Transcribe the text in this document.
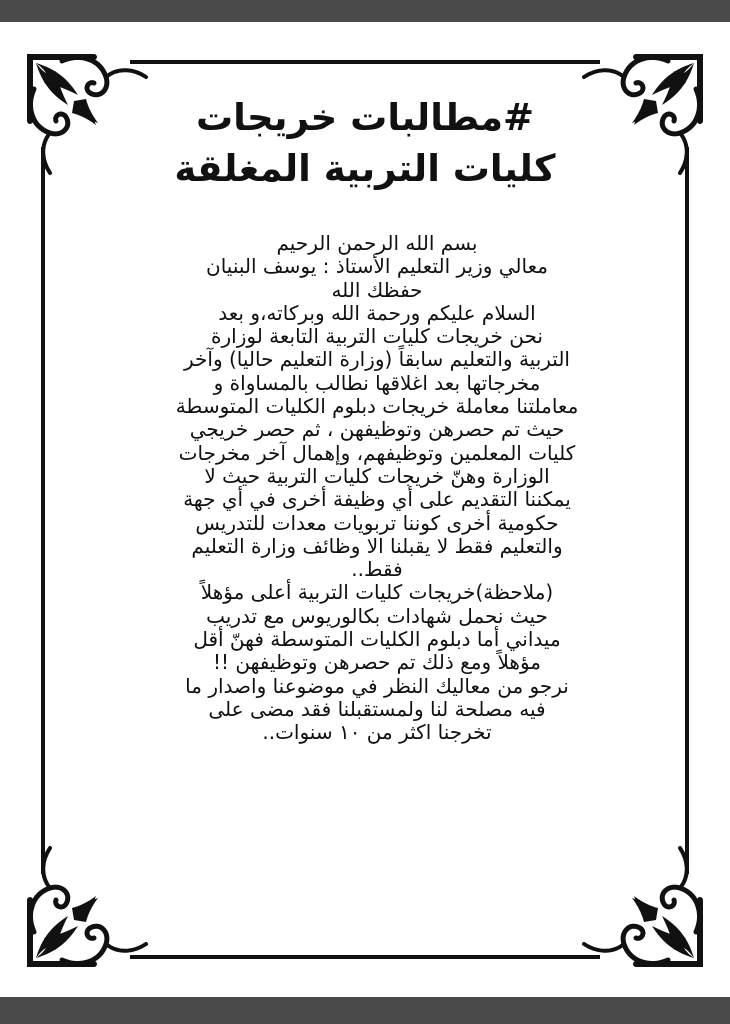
#مطالبات خريجات
كليات التربية المغلقة
بسم الله الرحمن الرحيم
معالي وزير التعليم الأستاذ : يوسف البنيان
حفظك الله
السلام عليكم ورحمة الله وبركاته،و بعد
نحن خريجات كليات التربية التابعة لوزارة
التربية والتعليم سابقاً (وزارة التعليم حاليا) وآخر
مخرجاتها بعد اغلاقها نطالب بالمساواة و
معاملتنا معاملة خريجات دبلوم الكليات المتوسطة
حيث تم حصرهن وتوظيفهن ، ثم حصر خريجي
كليات المعلمين وتوظيفهم، وإهمال آخر مخرجات
الوزارة وهنّ خريجات كليات التربية حيث لا
يمكننا التقديم على أي وظيفة أخرى في أي جهة
حكومية أخرى كوننا تربويات معدات للتدريس
والتعليم فقط لا يقبلنا الا وظائف وزارة التعليم
فقط..
(ملاحظة)خريجات كليات التربية أعلى مؤهلاً
حيث نحمل شهادات بكالوريوس مع تدريب
ميداني أما دبلوم الكليات المتوسطة فهنّ أقل
مؤهلاً ومع ذلك تم حصرهن وتوظيفهن !!
نرجو من معاليك النظر في موضوعنا واصدار ما
فيه مصلحة لنا ولمستقبلنا فقد مضى على
تخرجنا اكثر من ١٠ سنوات..
